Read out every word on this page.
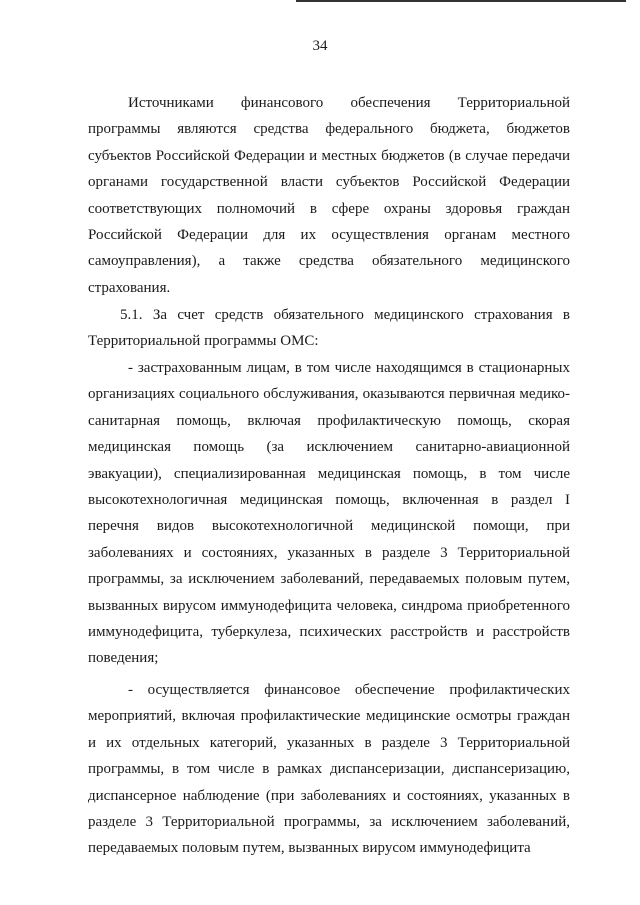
34

Источниками финансового обеспечения Территориальной программы являются средства федерального бюджета, бюджетов субъектов Российской Федерации и местных бюджетов (в случае передачи органами государственной власти субъектов Российской Федерации соответствующих полномочий в сфере охраны здоровья граждан Российской Федерации для их осуществления органам местного самоуправления), а также средства обязательного медицинского страхования.

5.1. За счет средств обязательного медицинского страхования в Территориальной программы ОМС:

- застрахованным лицам, в том числе находящимся в стационарных организациях социального обслуживания, оказываются первичная медико-санитарная помощь, включая профилактическую помощь, скорая медицинская помощь (за исключением санитарно-авиационной эвакуации), специализированная медицинская помощь, в том числе высокотехнологичная медицинская помощь, включенная в раздел I перечня видов высокотехнологичной медицинской помощи, при заболеваниях и состояниях, указанных в разделе 3 Территориальной программы, за исключением заболеваний, передаваемых половым путем, вызванных вирусом иммунодефицита человека, синдрома приобретенного иммунодефицита, туберкулеза, психических расстройств и расстройств поведения;

- осуществляется финансовое обеспечение профилактических мероприятий, включая профилактические медицинские осмотры граждан и их отдельных категорий, указанных в разделе 3 Территориальной программы, в том числе в рамках диспансеризации, диспансеризацию, диспансерное наблюдение (при заболеваниях и состояниях, указанных в разделе 3 Территориальной программы, за исключением заболеваний, передаваемых половым путем, вызванных вирусом иммунодефицита
